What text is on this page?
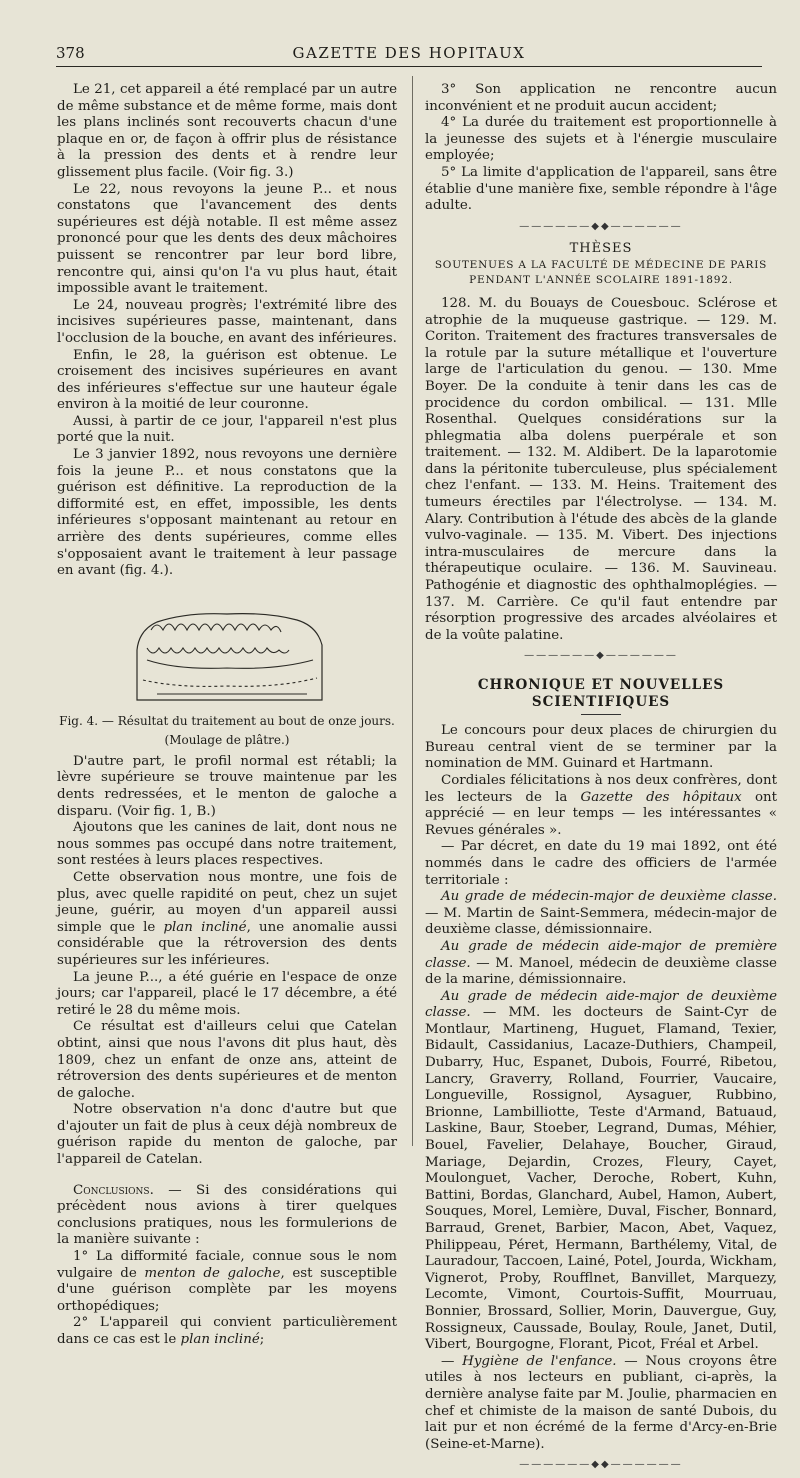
378	GAZETTE DES HOPITAUX

Le 21, cet appareil a été remplacé par un autre de même substance et de même forme, mais dont les plans inclinés sont recouverts chacun d'une plaque en or, de façon à offrir plus de résistance à la pression des dents et à rendre leur glissement plus facile. (Voir fig. 3.)

Le 22, nous revoyons la jeune P... et nous constatons que l'avancement des dents supérieures est déjà notable. Il est même assez prononcé pour que les dents des deux mâchoires puissent se rencontrer par leur bord libre, rencontre qui, ainsi qu'on l'a vu plus haut, était impossible avant le traitement.

Le 24, nouveau progrès; l'extrémité libre des incisives supérieures passe, maintenant, dans l'occlusion de la bouche, en avant des inférieures.

Enfin, le 28, la guérison est obtenue. Le croisement des incisives supérieures en avant des inférieures s'effectue sur une hauteur égale environ à la moitié de leur couronne.

Aussi, à partir de ce jour, l'appareil n'est plus porté que la nuit.

Le 3 janvier 1892, nous revoyons une dernière fois la jeune P... et nous constatons que la guérison est définitive. La reproduction de la difformité est, en effet, impossible, les dents inférieures s'opposant maintenant au retour en arrière des dents supérieures, comme elles s'opposaient avant le traitement à leur passage en avant (fig. 4.).

Fig. 4. — Résultat du traitement au bout de onze jours.
(Moulage de plâtre.)

D'autre part, le profil normal est rétabli; la lèvre supérieure se trouve maintenue par les dents redressées, et le menton de galoche a disparu. (Voir fig. 1, B.)

Ajoutons que les canines de lait, dont nous ne nous sommes pas occupé dans notre traitement, sont restées à leurs places respectives.

Cette observation nous montre, une fois de plus, avec quelle rapidité on peut, chez un sujet jeune, guérir, au moyen d'un appareil aussi simple que le plan incliné, une anomalie aussi considérable que la rétroversion des dents supérieures sur les inférieures.

La jeune P..., a été guérie en l'espace de onze jours; car l'appareil, placé le 17 décembre, a été retiré le 28 du même mois.

Ce résultat est d'ailleurs celui que Catelan obtint, ainsi que nous l'avons dit plus haut, dès 1809, chez un enfant de onze ans, atteint de rétroversion des dents supérieures et de menton de galoche.

Notre observation n'a donc d'autre but que d'ajouter un fait de plus à ceux déjà nombreux de guérison rapide du menton de galoche, par l'appareil de Catelan.

Conclusions. — Si des considérations qui précèdent nous avions à tirer quelques conclusions pratiques, nous les formulerions de la manière suivante :

1° La difformité faciale, connue sous le nom vulgaire de menton de galoche, est susceptible d'une guérison complète par les moyens orthopédiques;

2° L'appareil qui convient particulièrement dans ce cas est le plan incliné;

3° Son application ne rencontre aucun inconvénient et ne produit aucun accident;

4° La durée du traitement est proportionnelle à la jeunesse des sujets et à l'énergie musculaire employée;

5° La limite d'application de l'appareil, sans être établie d'une manière fixe, semble répondre à l'âge adulte.

——————◆◆——————
THÈSES
SOUTENUES A LA FACULTÉ DE MÉDECINE DE PARIS
PENDANT L'ANNÉE SCOLAIRE 1891-1892.

128. M. du Bouays de Couesbouc. Sclérose et atrophie de la muqueuse gastrique. — 129. M. Coriton. Traitement des fractures transversales de la rotule par la suture métallique et l'ouverture large de l'articulation du genou. — 130. Mme Boyer. De la conduite à tenir dans les cas de procidence du cordon ombilical. — 131. Mlle Rosenthal. Quelques considérations sur la phlegmatia alba dolens puerpérale et son traitement. — 132. M. Aldibert. De la laparotomie dans la péritonite tuberculeuse, plus spécialement chez l'enfant. — 133. M. Heins. Traitement des tumeurs érectiles par l'électrolyse. — 134. M. Alary. Contribution à l'étude des abcès de la glande vulvo-vaginale. — 135. M. Vibert. Des injections intra-musculaires de mercure dans la thérapeutique oculaire. — 136. M. Sauvineau. Pathogénie et diagnostic des ophthalmoplégies. — 137. M. Carrière. Ce qu'il faut entendre par résorption progressive des arcades alvéolaires et de la voûte palatine.

——————◆——————
CHRONIQUE ET NOUVELLES SCIENTIFIQUES

Le concours pour deux places de chirurgien du Bureau central vient de se terminer par la nomination de MM. Guinard et Hartmann.

Cordiales félicitations à nos deux confrères, dont les lecteurs de la Gazette des hôpitaux ont apprécié — en leur temps — les intéressantes « Revues générales ».

— Par décret, en date du 19 mai 1892, ont été nommés dans le cadre des officiers de l'armée territoriale :

Au grade de médecin-major de deuxième classe. — M. Martin de Saint-Semmera, médecin-major de deuxième classe, démissionnaire.

Au grade de médecin aide-major de première classe. — M. Manoel, médecin de deuxième classe de la marine, démissionnaire.

Au grade de médecin aide-major de deuxième classe. — MM. les docteurs de Saint-Cyr de Montlaur, Martineng, Huguet, Flamand, Texier, Bidault, Cassidanius, Lacaze-Duthiers, Champeil, Dubarry, Huc, Espanet, Dubois, Fourré, Ribetou, Lancry, Graverry, Rolland, Fourrier, Vaucaire, Longueville, Rossignol, Aysaguer, Rubbino, Brionne, Lambilliotte, Teste d'Armand, Batuaud, Laskine, Baur, Stoeber, Legrand, Dumas, Méhier, Bouel, Favelier, Delahaye, Boucher, Giraud, Mariage, Dejardin, Crozes, Fleury, Cayet, Moulonguet, Vacher, Deroche, Robert, Kuhn, Battini, Bordas, Glanchard, Aubel, Hamon, Aubert, Souques, Morel, Lemière, Duval, Fischer, Bonnard, Barraud, Grenet, Barbier, Macon, Abet, Vaquez, Philippeau, Péret, Hermann, Barthélemy, Vital, de Lauradour, Taccoen, Lainé, Potel, Jourda, Wickham, Vignerot, Proby, Roufflnet, Banvillet, Marquezy, Lecomte, Vimont, Courtois-Suffit, Mourruau, Bonnier, Brossard, Sollier, Morin, Dauvergue, Guy, Rossigneux, Caussade, Boulay, Roule, Janet, Dutil, Vibert, Bourgogne, Florant, Picot, Fréal et Arbel.

— Hygiène de l'enfance. — Nous croyons être utiles à nos lecteurs en publiant, ci-après, la dernière analyse faite par M. Joulie, pharmacien en chef et chimiste de la maison de santé Dubois, du lait pur et non écrémé de la ferme d'Arcy-en-Brie (Seine-et-Marne).

——————◆◆——————
